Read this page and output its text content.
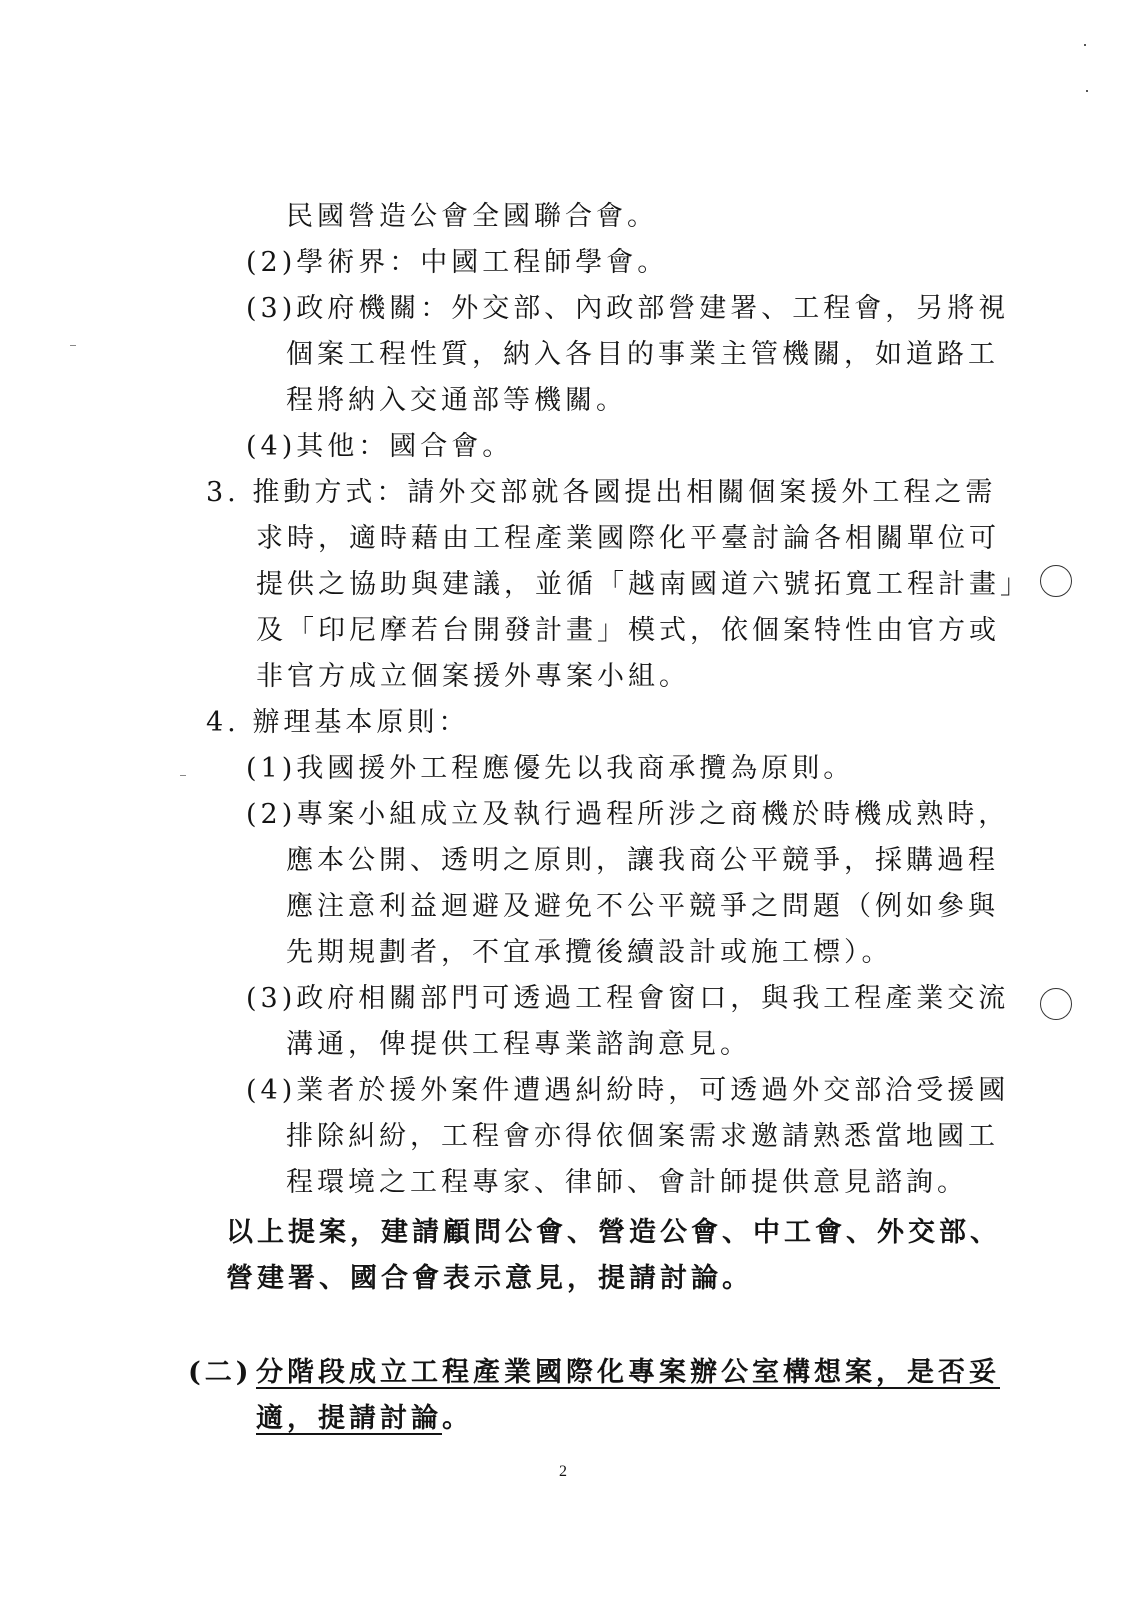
民國營造公會全國聯合會。
(2)學術界：中國工程師學會。
(3)政府機關：外交部、內政部營建署、工程會，另將視
個案工程性質，納入各目的事業主管機關，如道路工
程將納入交通部等機關。
(4)其他：國合會。
3. 推動方式：請外交部就各國提出相關個案援外工程之需
求時，適時藉由工程產業國際化平臺討論各相關單位可
提供之協助與建議，並循「越南國道六號拓寬工程計畫」
及「印尼摩若台開發計畫」模式，依個案特性由官方或
非官方成立個案援外專案小組。
4. 辦理基本原則：
(1)我國援外工程應優先以我商承攬為原則。
(2)專案小組成立及執行過程所涉之商機於時機成熟時，
應本公開、透明之原則，讓我商公平競爭，採購過程
應注意利益迴避及避免不公平競爭之問題（例如參與
先期規劃者，不宜承攬後續設計或施工標）。
(3)政府相關部門可透過工程會窗口，與我工程產業交流
溝通，俾提供工程專業諮詢意見。
(4)業者於援外案件遭遇糾紛時，可透過外交部洽受援國
排除糾紛，工程會亦得依個案需求邀請熟悉當地國工
程環境之工程專家、律師、會計師提供意見諮詢。
以上提案，建請顧問公會、營造公會、中工會、外交部、
營建署、國合會表示意見，提請討論。
(二) 分階段成立工程產業國際化專案辦公室構想案，是否妥
適，提請討論。
2
